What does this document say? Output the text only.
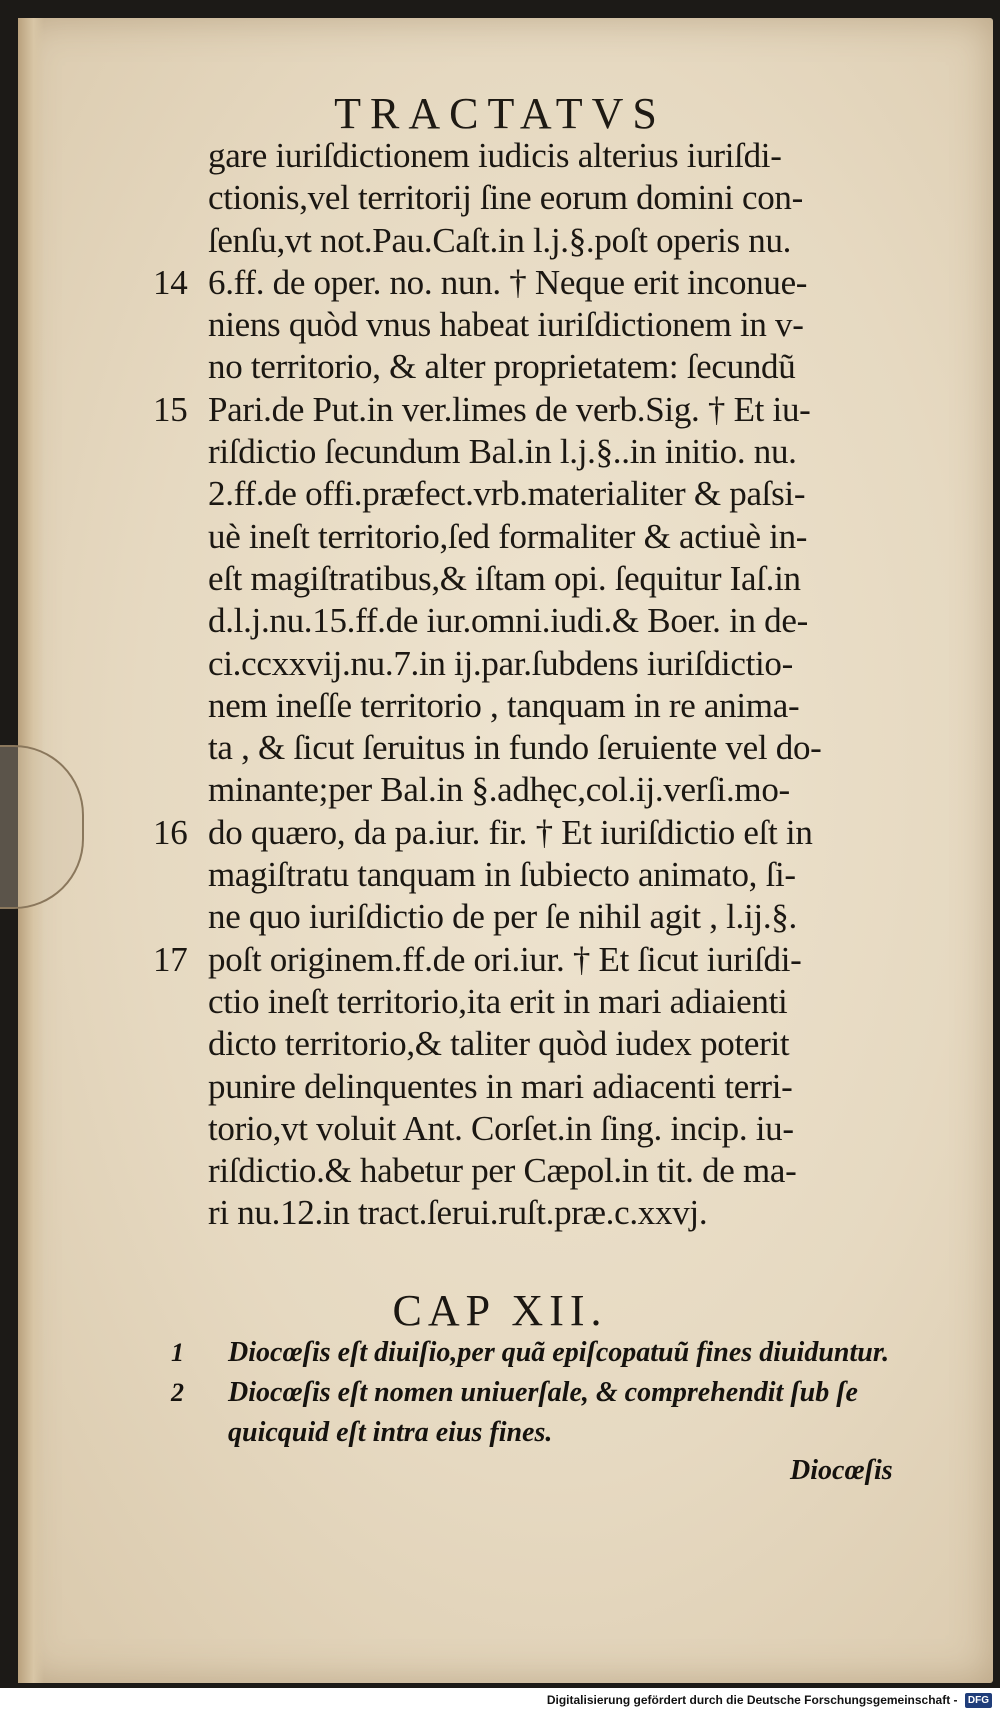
TRACTATVS
gare iuriſdictionem iudicis alterius iuriſdi-
ctionis,vel territorij ſine eorum domini con-
ſenſu,vt not.Pau.Caſt.in l.j.§.poſt operis nu.
14 6.ff. de oper. no. nun. † Neque erit inconue-
niens quòd vnus habeat iuriſdictionem in v-
no territorio, & alter proprietatem: ſecundũ
15 Pari.de Put.in ver.limes de verb.Sig. † Et iu-
riſdictio ſecundum Bal.in l.j.§..in initio. nu.
2.ff.de offi.præfect.vrb.materialiter & paſsi-
uè ineſt territorio,ſed formaliter & actiuè in-
eſt magiſtratibus,& iſtam opi. ſequitur Iaſ.in
d.l.j.nu.15.ff.de iur.omni.iudi.& Boer. in de-
ci.ccxxvij.nu.7.in ij.par.ſubdens iuriſdictio-
nem ineſſe territorio , tanquam in re anima-
ta , & ſicut ſeruitus in fundo ſeruiente vel do-
minante;per Bal.in §.adhęc,col.ij.verſi.mo-
16 do quæro, da pa.iur. fir. † Et iuriſdictio eſt in
magiſtratu tanquam in ſubiecto animato, ſi-
ne quo iuriſdictio de per ſe nihil agit , l.ij.§.
17 poſt originem.ff.de ori.iur. † Et ſicut iuriſdi-
ctio ineſt territorio,ita erit in mari adiaienti
dicto territorio,& taliter quòd iudex poterit
punire delinquentes in mari adiacenti terri-
torio,vt voluit Ant. Corſet.in ſing. incip. iu-
riſdictio.& habetur per Cæpol.in tit. de ma-
ri nu.12.in tract.ſerui.ruſt.præ.c.xxvj.
CAP XII.
1 Diocœſis eſt diuiſio,per quã epiſcopatuũ fines diuiduntur.
2 Diocœſis eſt nomen uniuerſale, & comprehendit ſub ſe
quicquid eſt intra eius fines.
Diocœſis
Digitalisierung gefördert durch die Deutsche Forschungsgemeinschaft - DFG
